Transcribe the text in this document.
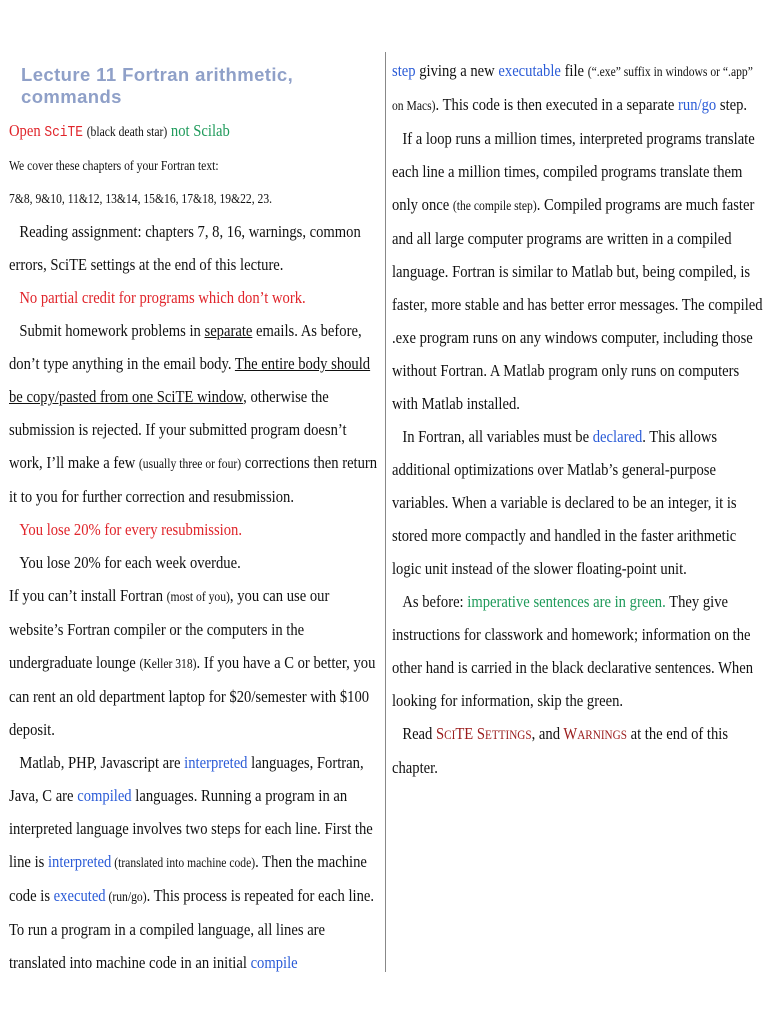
Lecture 11 Fortran arithmetic, commands

Open SciTE (black death star) not Scilab

We cover these chapters of your Fortran text:

7&8, 9&10, 11&12, 13&14, 15&16, 17&18, 19&22, 23.

Reading assignment: chapters 7, 8, 16, warnings, common errors, SciTE settings at the end of this lecture.

No partial credit for programs which don’t work.

Submit homework problems in separate emails. As before, don’t type anything in the email body. The entire body should be copy/pasted from one SciTE window, otherwise the submission is rejected. If your submitted program doesn’t work, I’ll make a few (usually three or four) corrections then return it to you for further correction and resubmission.

You lose 20% for every resubmission.

You lose 20% for each week overdue.

If you can’t install Fortran (most of you), you can use our website’s Fortran compiler or the computers in the undergraduate lounge (Keller 318). If you have a C or better, you can rent an old department laptop for $20/semester with $100 deposit.

Matlab, PHP, Javascript are interpreted languages, Fortran, Java, C are compiled languages. Running a program in an interpreted language involves two steps for each line. First the line is interpreted (translated into machine code). Then the machine code is executed (run/go). This process is repeated for each line. To run a program in a compiled language, all lines are translated into machine code in an initial compile

step giving a new executable file (“.exe” suffix in windows or “.app” on Macs). This code is then executed in a separate run/go step.

If a loop runs a million times, interpreted programs translate each line a million times, compiled programs translate them only once (the compile step). Compiled programs are much faster and all large computer programs are written in a compiled language. Fortran is similar to Matlab but, being compiled, is faster, more stable and has better error messages. The compiled .exe program runs on any windows computer, including those without Fortran. A Matlab program only runs on computers with Matlab installed.

In Fortran, all variables must be declared. This allows additional optimizations over Matlab’s general-purpose variables. When a variable is declared to be an integer, it is stored more compactly and handled in the faster arithmetic logic unit instead of the slower floating-point unit.

As before: imperative sentences are in green. They give instructions for classwork and homework; information on the other hand is carried in the black declarative sentences. When looking for information, skip the green.

Read SCITE SETTINGS, and WARNINGS at the end of this chapter.
